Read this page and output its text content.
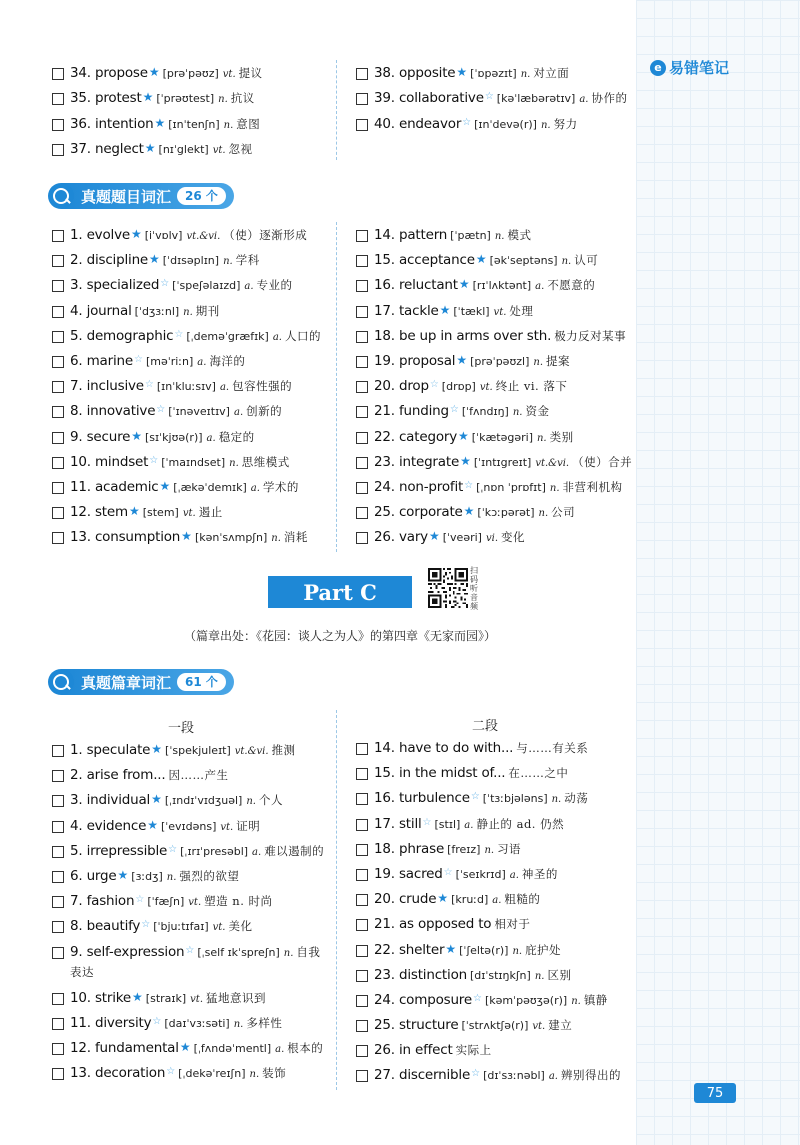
e 易错笔记
34. propose★ [prəˈpəʊz] vt. 提议
35. protest★ [ˈprəʊtest] n. 抗议
36. intention★ [ɪnˈtenʃn] n. 意图
37. neglect★ [nɪˈglekt] vt. 忽视
38. opposite★ [ˈɒpəzɪt] n. 对立面
39. collaborative☆ [kəˈlæbərətɪv] a. 协作的
40. endeavor☆ [ɪnˈdevə(r)] n. 努力
真题题目词汇	26 个
1. evolve★ [iˈvɒlv] vt.&vi. （使）逐渐形成
2. discipline★ [ˈdɪsəplɪn] n. 学科
3. specialized☆ [ˈspeʃəlaɪzd] a. 专业的
4. journal [ˈdʒɜːnl] n. 期刊
5. demographic☆ [ˌdeməˈgræfɪk] a. 人口的
6. marine☆ [məˈriːn] a. 海洋的
7. inclusive☆ [ɪnˈkluːsɪv] a. 包容性强的
8. innovative☆ [ˈɪnəveɪtɪv] a. 创新的
9. secure★ [sɪˈkjʊə(r)] a. 稳定的
10. mindset☆ [ˈmaɪndset] n. 思维模式
11. academic★ [ˌækəˈdemɪk] a. 学术的
12. stem★ [stem] vt. 遏止
13. consumption★ [kənˈsʌmpʃn] n. 消耗
14. pattern [ˈpætn] n. 模式
15. acceptance★ [əkˈseptəns] n. 认可
16. reluctant★ [rɪˈlʌktənt] a. 不愿意的
17. tackle★ [ˈtækl] vt. 处理
18. be up in arms over sth. 极力反对某事
19. proposal★ [prəˈpəʊzl] n. 提案
20. drop☆ [drɒp] vt. 终止 vi. 落下
21. funding☆ [ˈfʌndɪŋ] n. 资金
22. category★ [ˈkætəgəri] n. 类别
23. integrate★ [ˈɪntɪgreɪt] vt.&vi. （使）合并
24. non-profit☆ [ˌnɒn ˈprɒfɪt] n. 非营利机构
25. corporate★ [ˈkɔːpərət] n. 公司
26. vary★ [ˈveəri] vi. 变化
Part C
扫码听音频
（篇章出处：《花园：谈人之为人》的第四章《无家而园》）
真题篇章词汇	61 个
一段	二段
1. speculate★ [ˈspekjuleɪt] vt.&vi. 推测
2. arise from... 因……产生
3. individual★ [ˌɪndɪˈvɪdʒuəl] n. 个人
4. evidence★ [ˈevɪdəns] vt. 证明
5. irrepressible☆ [ˌɪrɪˈpresəbl] a. 难以遏制的
6. urge★ [ɜːdʒ] n. 强烈的欲望
7. fashion☆ [ˈfæʃn] vt. 塑造 n. 时尚
8. beautify☆ [ˈbjuːtɪfaɪ] vt. 美化
9. self-expression☆ [ˌself ɪkˈspreʃn] n. 自我表达
10. strike★ [straɪk] vt. 猛地意识到
11. diversity☆ [daɪˈvɜːsəti] n. 多样性
12. fundamental★ [ˌfʌndəˈmentl] a. 根本的
13. decoration☆ [ˌdekəˈreɪʃn] n. 装饰
14. have to do with... 与……有关系
15. in the midst of... 在……之中
16. turbulence☆ [ˈtɜːbjələns] n. 动荡
17. still☆ [stɪl] a. 静止的 ad. 仍然
18. phrase [freɪz] n. 习语
19. sacred☆ [ˈseɪkrɪd] a. 神圣的
20. crude★ [kruːd] a. 粗糙的
21. as opposed to 相对于
22. shelter★ [ˈʃeltə(r)] n. 庇护处
23. distinction [dɪˈstɪŋkʃn] n. 区别
24. composure☆ [kəmˈpəʊʒə(r)] n. 镇静
25. structure [ˈstrʌktʃə(r)] vt. 建立
26. in effect 实际上
27. discernible☆ [dɪˈsɜːnəbl] a. 辨别得出的
75
